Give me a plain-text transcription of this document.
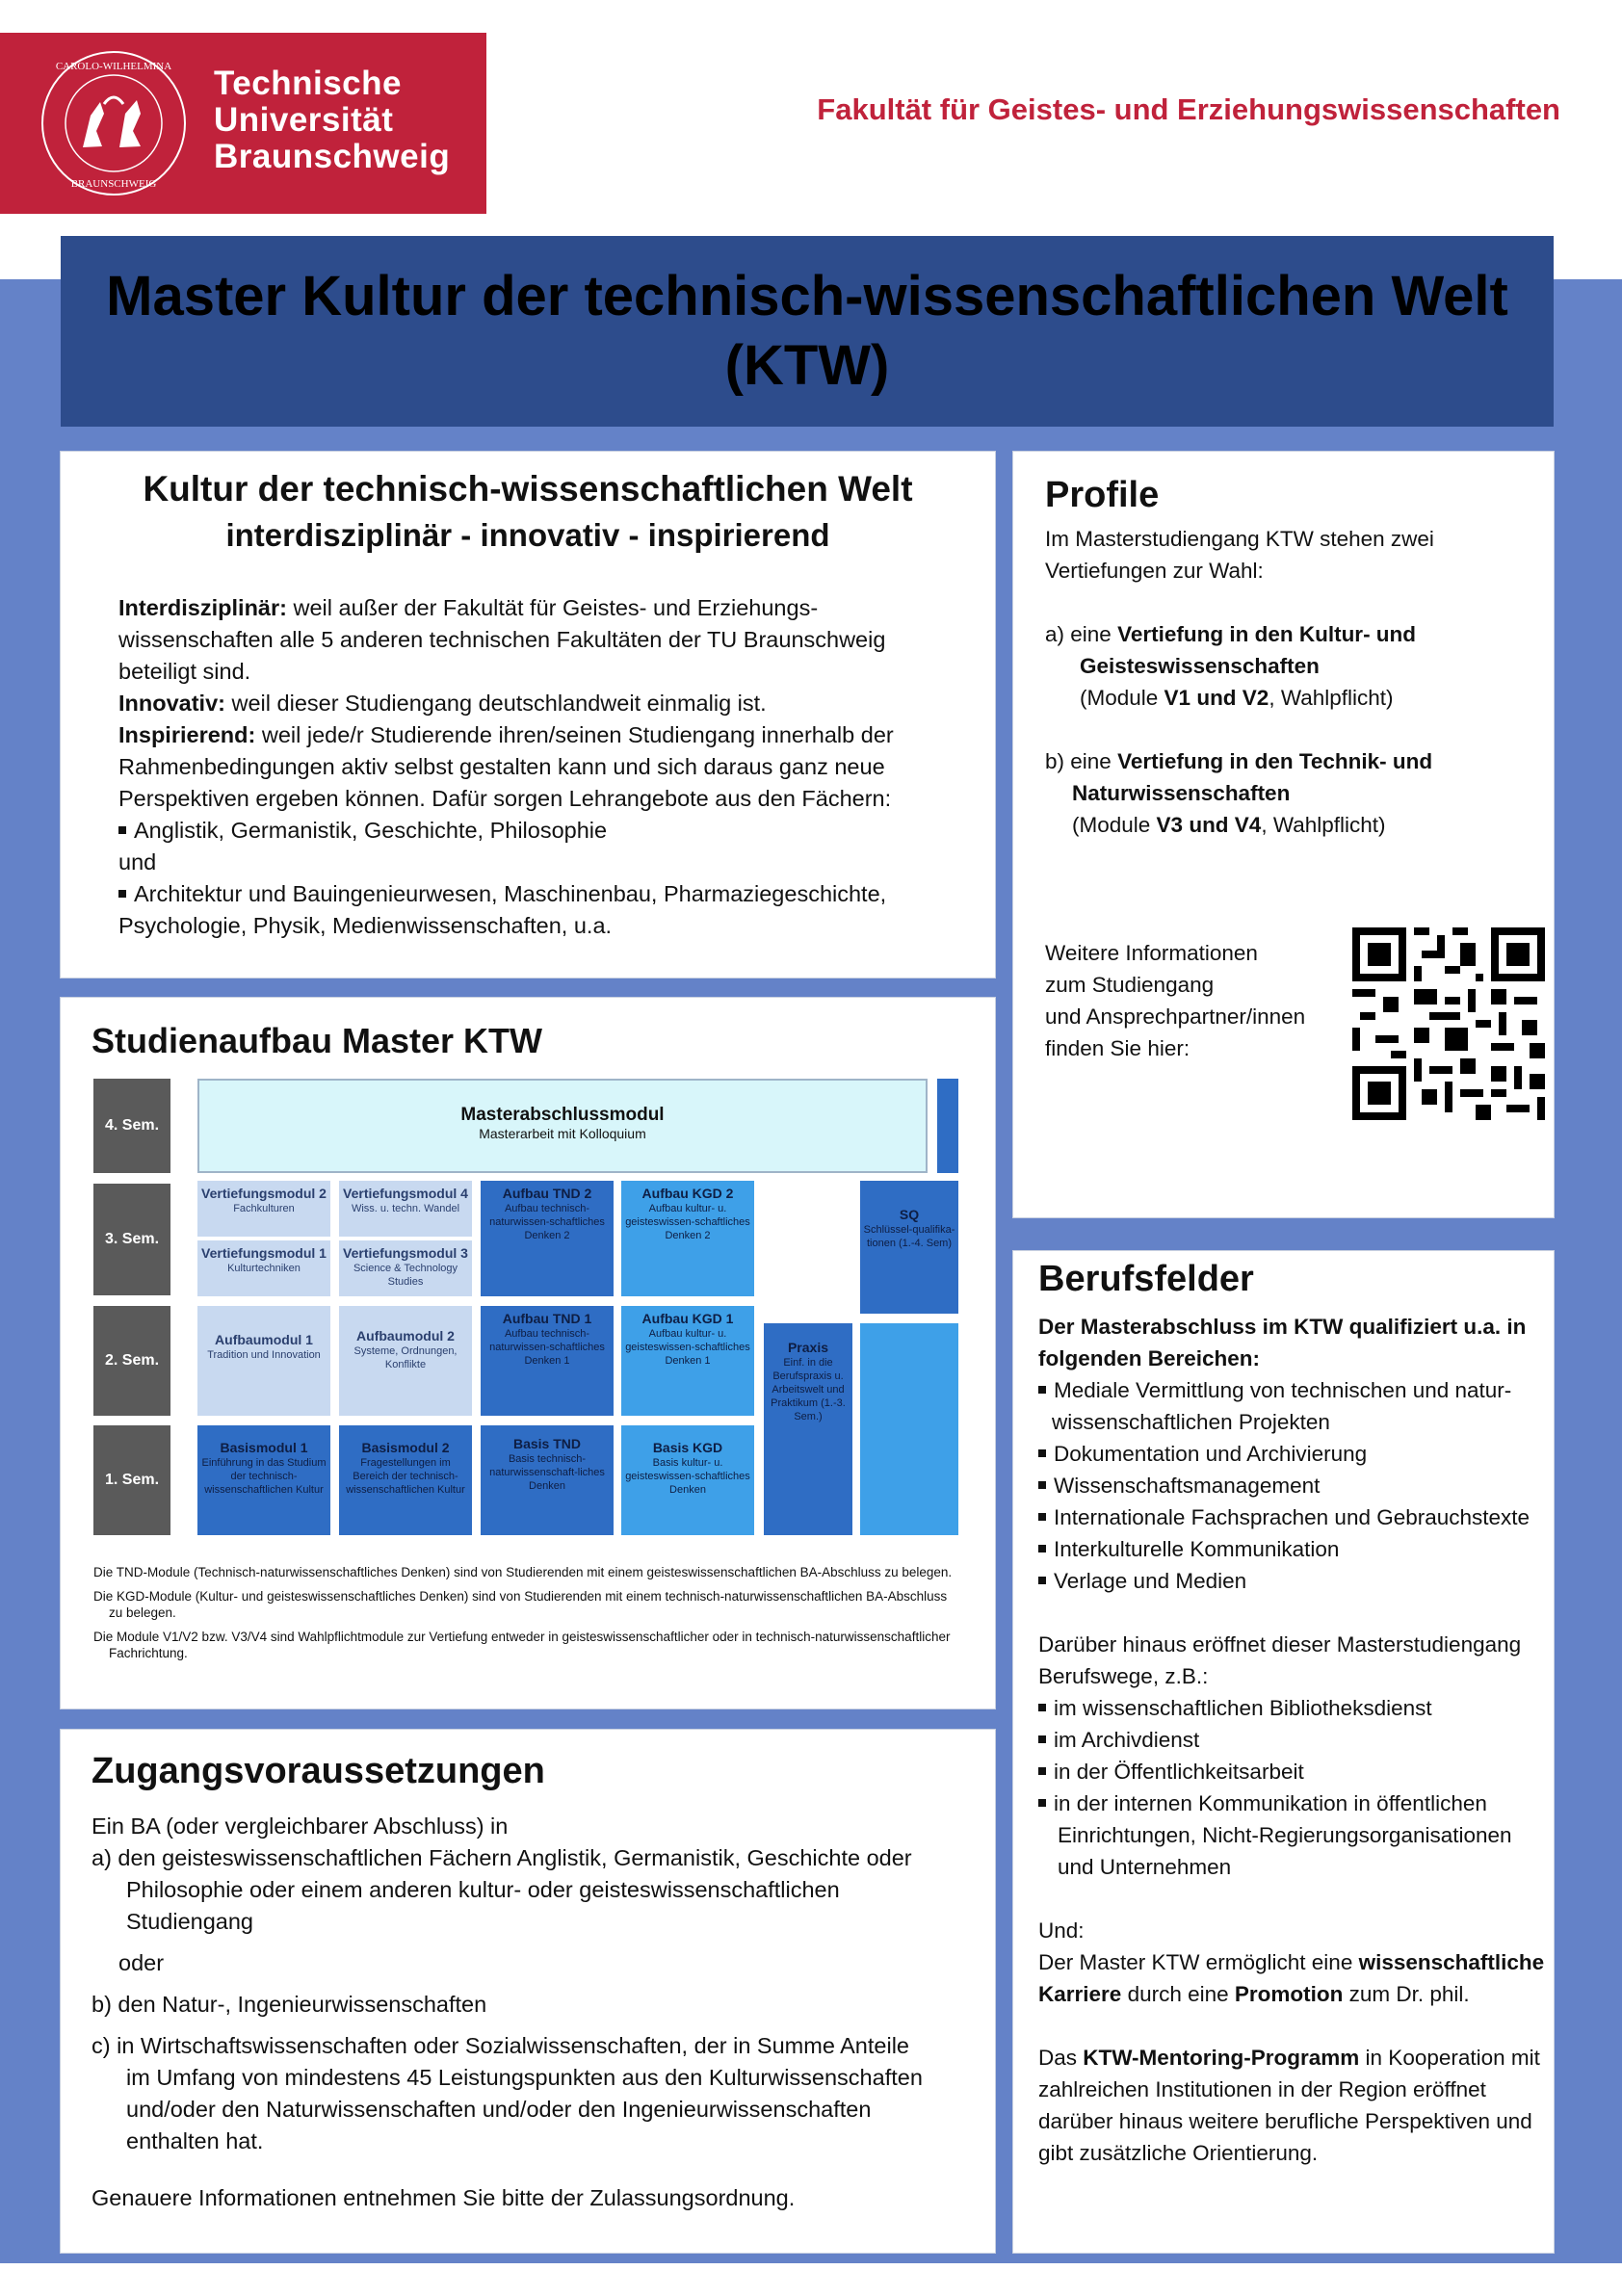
CAROLO-WILHELMINA
BRAUNSCHWEIG
Technische
Universität
Braunschweig
Fakultät für Geistes- und Erziehungswissenschaften
Master Kultur der technisch-wissenschaftlichen Welt
(KTW)
Kultur der technisch-wissenschaftlichen Welt
interdisziplinär - innovativ - inspirierend
Interdisziplinär: weil außer der Fakultät für Geistes- und Erziehungs-
wissenschaften alle 5 anderen technischen Fakultäten der TU Braunschweig
beteiligt sind.
Innovativ: weil dieser Studiengang deutschlandweit einmalig ist.
Inspirierend: weil jede/r Studierende ihren/seinen Studiengang innerhalb der
Rahmenbedingungen aktiv selbst gestalten kann und sich daraus ganz neue
Perspektiven ergeben können. Dafür sorgen Lehrangebote aus den Fächern:
Anglistik, Germanistik, Geschichte, Philosophie
und
Architektur und Bauingenieurwesen, Maschinenbau, Pharmaziegeschichte,
Psychologie, Physik, Medienwissenschaften, u.a.
Profile
Im Masterstudiengang KTW stehen zwei
Vertiefungen zur Wahl:
a) eine Vertiefung in den Kultur- und
Geisteswissenschaften
(Module V1 und V2, Wahlpflicht)
b) eine Vertiefung in den Technik- und
Naturwissenschaften
(Module V3 und V4, Wahlpflicht)
Weitere Informationen
zum Studiengang
und Ansprechpartner/innen
finden Sie hier:
Studienaufbau Master KTW
4. Sem.
3. Sem.
2. Sem.
1. Sem.
Masterabschlussmodul
Masterarbeit mit Kolloquium
Vertiefungsmodul 2
Fachkulturen
Vertiefungsmodul 1
Kulturtechniken
Vertiefungsmodul 4
Wiss. u. techn. Wandel
Vertiefungsmodul 3
Science & Technology Studies
Aufbau TND 2
Aufbau technisch-naturwissen-schaftliches Denken 2
Aufbau KGD 2
Aufbau kultur- u. geisteswissen-schaftliches Denken 2
SQ
Schlüssel-qualifika-tionen (1.-4. Sem)
Aufbaumodul 1
Tradition und Innovation
Aufbaumodul 2
Systeme, Ordnungen, Konflikte
Aufbau TND 1
Aufbau technisch-naturwissen-schaftliches Denken 1
Aufbau KGD 1
Aufbau kultur- u. geisteswissen-schaftliches Denken 1
Praxis
Einf. in die Berufspraxis u. Arbeitswelt und Praktikum (1.-3. Sem.)
Basismodul 1
Einführung in das Studium der technisch-wissenschaftlichen Kultur
Basismodul 2
Fragestellungen im Bereich der technisch-wissenschaftlichen Kultur
Basis TND
Basis technisch-naturwissenschaft-liches Denken
Basis KGD
Basis kultur- u. geisteswissen-schaftliches Denken

Die TND-Module (Technisch-naturwissenschaftliches Denken) sind von Studierenden mit einem geisteswissenschaftlichen BA-Abschluss zu belegen.

Die KGD-Module (Kultur- und geisteswissenschaftliches Denken) sind von Studierenden mit einem technisch-naturwissenschaftlichen BA-Abschluss zu belegen.

Die Module V1/V2 bzw. V3/V4 sind Wahlpflichtmodule zur Vertiefung entweder in geisteswissenschaftlicher oder in technisch-naturwissenschaftlicher Fachrichtung.

Zugangsvoraussetzungen
Ein BA (oder vergleichbarer Abschluss) in
a) den geisteswissenschaftlichen Fächern Anglistik, Germanistik, Geschichte oder
Philosophie oder einem anderen kultur- oder geisteswissenschaftlichen
Studiengang
oder
b) den Natur-, Ingenieurwissenschaften
c) in Wirtschaftswissenschaften oder Sozialwissenschaften, der in Summe Anteile
im Umfang von mindestens 45 Leistungspunkten aus den Kulturwissenschaften
und/oder den Naturwissenschaften und/oder den Ingenieurwissenschaften
enthalten hat.
Genauere Informationen entnehmen Sie bitte der Zulassungsordnung.
Berufsfelder
Der Masterabschluss im KTW qualifiziert u.a. in
folgenden Bereichen:
Mediale Vermittlung von technischen und natur-
wissenschaftlichen Projekten
Dokumentation und Archivierung
Wissenschaftsmanagement
Internationale Fachsprachen und Gebrauchstexte
Interkulturelle Kommunikation
Verlage und Medien
Darüber hinaus eröffnet dieser Masterstudiengang
Berufswege, z.B.:
im wissenschaftlichen Bibliotheksdienst
im Archivdienst
in der Öffentlichkeitsarbeit
in der internen Kommunikation in öffentlichen
Einrichtungen, Nicht-Regierungsorganisationen
und Unternehmen
Und:
Der Master KTW ermöglicht eine wissenschaftliche
Karriere durch eine Promotion zum Dr. phil.
Das KTW-Mentoring-Programm in Kooperation mit
zahlreichen Institutionen in der Region eröffnet
darüber hinaus weitere berufliche Perspektiven und
gibt zusätzliche Orientierung.
